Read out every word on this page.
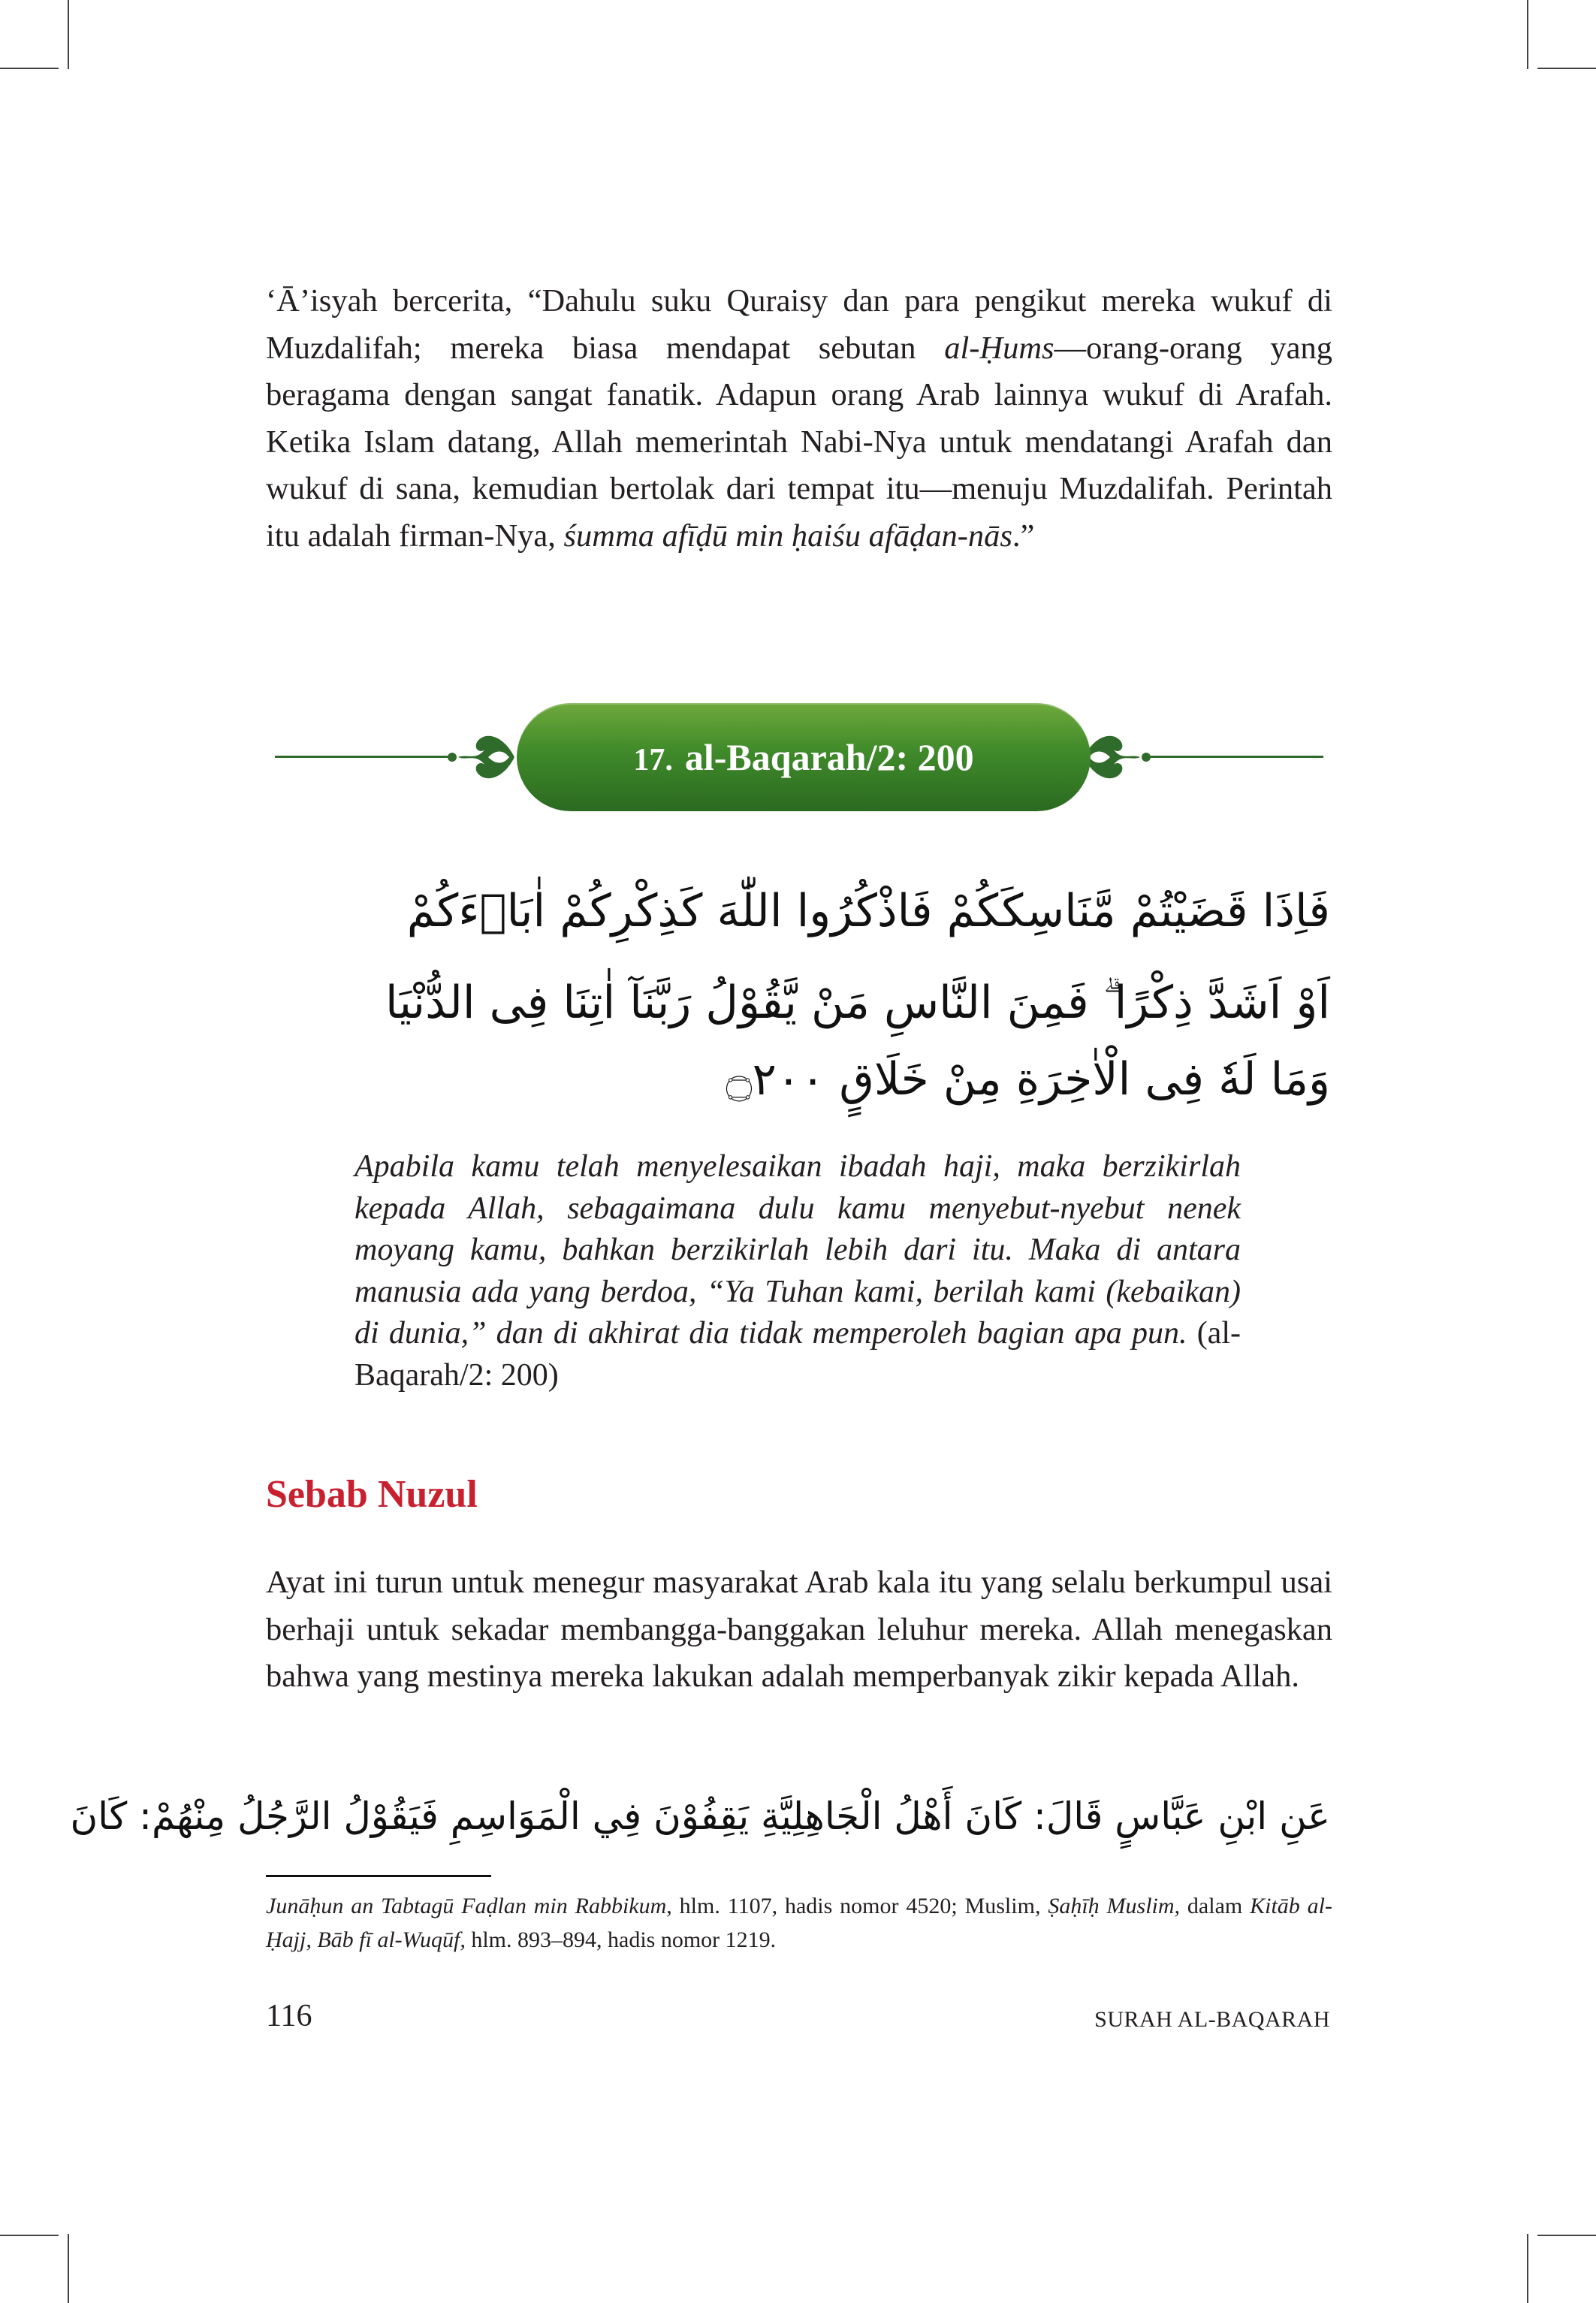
‘Ā’isyah bercerita, “Dahulu suku Quraisy dan para pengikut mereka wukuf di Muzdalifah; mereka biasa mendapat sebutan al-Ḥums—orang-orang yang beragama dengan sangat fanatik. Adapun orang Arab lainnya wukuf di Arafah. Ketika Islam datang, Allah memerintah Nabi-Nya untuk mendatangi Arafah dan wukuf di sana, kemudian bertolak dari tempat itu—menuju Muzdalifah. Perintah itu adalah firman-Nya, śumma afīḍū min ḥaiśu afāḍan-nās.”

17. al-Baqarah/2: 200
فَاِذَا قَضَيْتُمْ مَّنَاسِكَكُمْ فَاذْكُرُوا اللّٰهَ كَذِكْرِكُمْ اٰبَاۤءَكُمْ
اَوْ اَشَدَّ ذِكْرًا ۗ فَمِنَ النَّاسِ مَنْ يَّقُوْلُ رَبَّنَآ اٰتِنَا فِى الدُّنْيَا
وَمَا لَهٗ فِى الْاٰخِرَةِ مِنْ خَلَاقٍ ۝٢٠٠

Apabila kamu telah menyelesaikan ibadah haji, maka berzikirlah kepada Allah, sebagaimana dulu kamu menyebut-nyebut nenek moyang kamu, bahkan berzikirlah lebih dari itu. Maka di antara manusia ada yang berdoa, “Ya Tuhan kami, berilah kami (kebaikan) di dunia,” dan di akhirat dia tidak memperoleh bagian apa pun. (al-Baqarah/2: 200)

Sebab Nuzul

Ayat ini turun untuk menegur masyarakat Arab kala itu yang selalu berkumpul usai berhaji untuk sekadar membangga-banggakan leluhur mereka. Allah menegaskan bahwa yang mestinya mereka lakukan adalah memperbanyak zikir kepada Allah.

عَنِ ابْنِ عَبَّاسٍ قَالَ: كَانَ أَهْلُ الْجَاهِلِيَّةِ يَقِفُوْنَ فِي الْمَوَاسِمِ فَيَقُوْلُ الرَّجُلُ مِنْهُمْ: كَانَ

Junāḥun an Tabtagū Faḍlan min Rabbikum, hlm. 1107, hadis nomor 4520; Muslim, Ṣaḥīḥ Muslim, dalam Kitāb al-Ḥajj, Bāb fī al-Wuqūf, hlm. 893–894, hadis nomor 1219.

116	SURAH AL-BAQARAH
